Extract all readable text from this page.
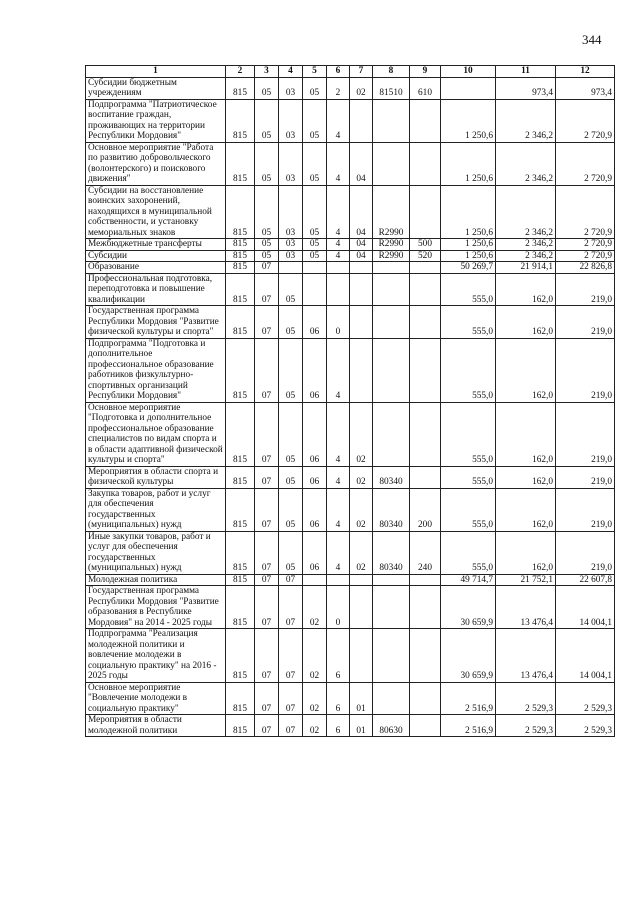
344
1	2	3	4	5	6	7	8	9	10	11	12
Субсидии бюджетным учреждениям	815	05	03	05	2	02	81510	610		973,4	973,4
Подпрограмма "Патриотическое воспитание граждан, проживающих на территории Республики Мордовия"	815	05	03	05	4				1 250,6	2 346,2	2 720,9
Основное мероприятие "Работа по развитию добровольческого (волонтерского) и поискового движения"	815	05	03	05	4	04			1 250,6	2 346,2	2 720,9
Субсидии на восстановление воинских захоронений, находящихся в муниципальной собственности, и установку мемориальных знаков	815	05	03	05	4	04	R2990		1 250,6	2 346,2	2 720,9
Межбюджетные трансферты	815	05	03	05	4	04	R2990	500	1 250,6	2 346,2	2 720,9
Субсидии	815	05	03	05	4	04	R2990	520	1 250,6	2 346,2	2 720,9
Образование	815	07							50 269,7	21 914,1	22 826,8
Профессиональная подготовка, переподготовка и повышение квалификации	815	07	05						555,0	162,0	219,0
Государственная программа Республики Мордовия "Развитие физической культуры и спорта"	815	07	05	06	0				555,0	162,0	219,0
Подпрограмма "Подготовка и дополнительное профессиональное образование работников физкультурно-спортивных организаций Республики Мордовия"	815	07	05	06	4				555,0	162,0	219,0
Основное мероприятие "Подготовка и дополнительное профессиональное образование специалистов по видам спорта и в области адаптивной физической культуры и спорта"	815	07	05	06	4	02			555,0	162,0	219,0
Мероприятия в области спорта и физической культуры	815	07	05	06	4	02	80340		555,0	162,0	219,0
Закупка товаров, работ и услуг для обеспечения государственных (муниципальных) нужд	815	07	05	06	4	02	80340	200	555,0	162,0	219,0
Иные закупки товаров, работ и услуг для обеспечения государственных (муниципальных) нужд	815	07	05	06	4	02	80340	240	555,0	162,0	219,0
Молодежная политика	815	07	07						49 714,7	21 752,1	22 607,8
Государственная программа Республики Мордовия "Развитие образования в Республике Мордовия" на 2014 - 2025 годы	815	07	07	02	0				30 659,9	13 476,4	14 004,1
Подпрограмма "Реализация молодежной политики и вовлечение молодежи в социальную практику" на 2016 - 2025 годы	815	07	07	02	6				30 659,9	13 476,4	14 004,1
Основное мероприятие "Вовлечение молодежи в социальную практику"	815	07	07	02	6	01			2 516,9	2 529,3	2 529,3
Мероприятия в области молодежной политики	815	07	07	02	6	01	80630		2 516,9	2 529,3	2 529,3
